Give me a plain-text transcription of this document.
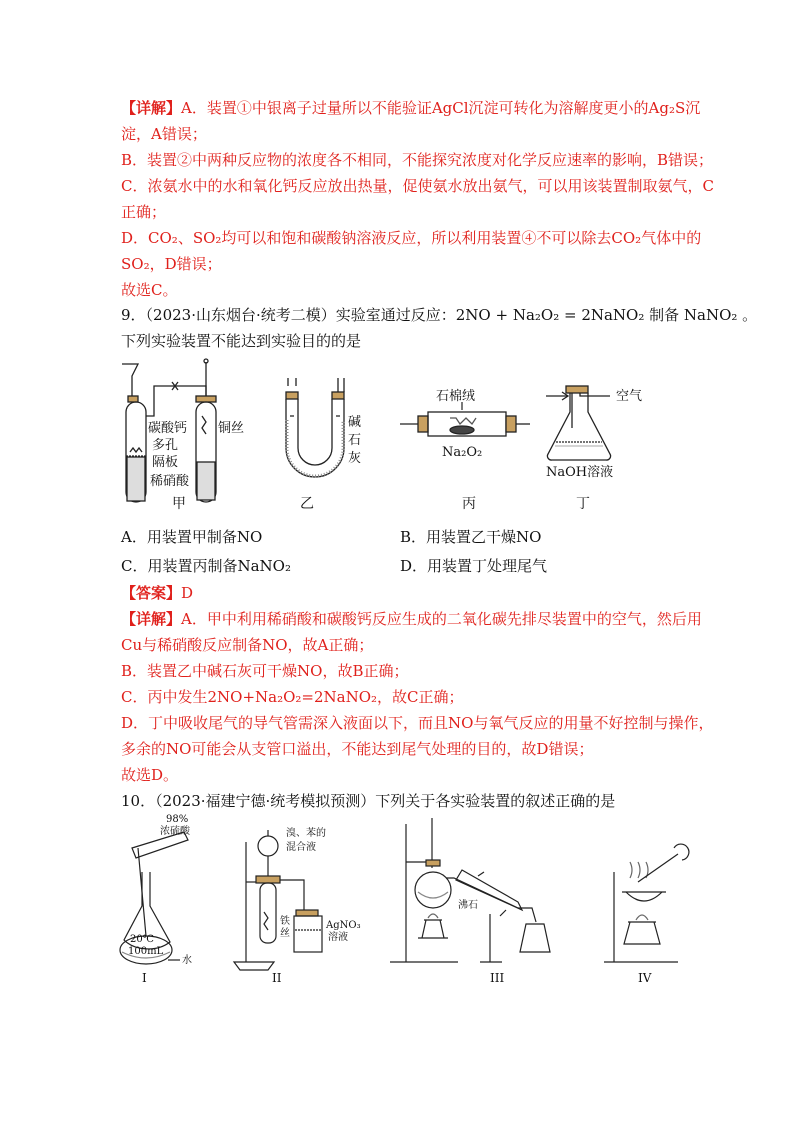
【详解】A．装置①中银离子过量所以不能验证AgCl沉淀可转化为溶解度更小的Ag₂S沉
淀，A错误；
B．装置②中两种反应物的浓度各不相同，不能探究浓度对化学反应速率的影响，B错误；
C．浓氨水中的水和氧化钙反应放出热量，促使氨水放出氨气，可以用该装置制取氨气，C
正确；
D．CO₂、SO₂均可以和饱和碳酸钠溶液反应，所以利用装置④不可以除去CO₂气体中的
SO₂，D错误；
故选C。
9．（2023·山东烟台·统考二模）实验室通过反应：2NO + Na₂O₂ = 2NaNO₂ 制备 NaNO₂ 。
下列实验装置不能达到实验目的的是
碳酸钙
多孔
隔板
稀硝酸
铜丝	碱
石
灰
石棉绒
Na₂O₂
空气
NaOH溶液
甲	乙	丙	丁
A．用装置甲制备NO	B．用装置乙干燥NO
C．用装置丙制备NaNO₂	D．用装置丁处理尾气
【答案】D
【详解】A．甲中利用稀硝酸和碳酸钙反应生成的二氧化碳先排尽装置中的空气，然后用
Cu与稀硝酸反应制备NO，故A正确；
B．装置乙中碱石灰可干燥NO，故B正确；
C．丙中发生2NO+Na₂O₂=2NaNO₂，故C正确；
D．丁中吸收尾气的导气管需深入液面以下，而且NO与氧气反应的用量不好控制与操作，
多余的NO可能会从支管口溢出，不能达到尾气处理的目的，故D错误；
故选D。
10．（2023·福建宁德·统考模拟预测）下列关于各实验装置的叙述正确的是
98%
浓硫酸
20℃
100mL
水
溴、苯的
混合液
铁
丝
AgNO₃
溶液
沸石
I	II	III	IV
